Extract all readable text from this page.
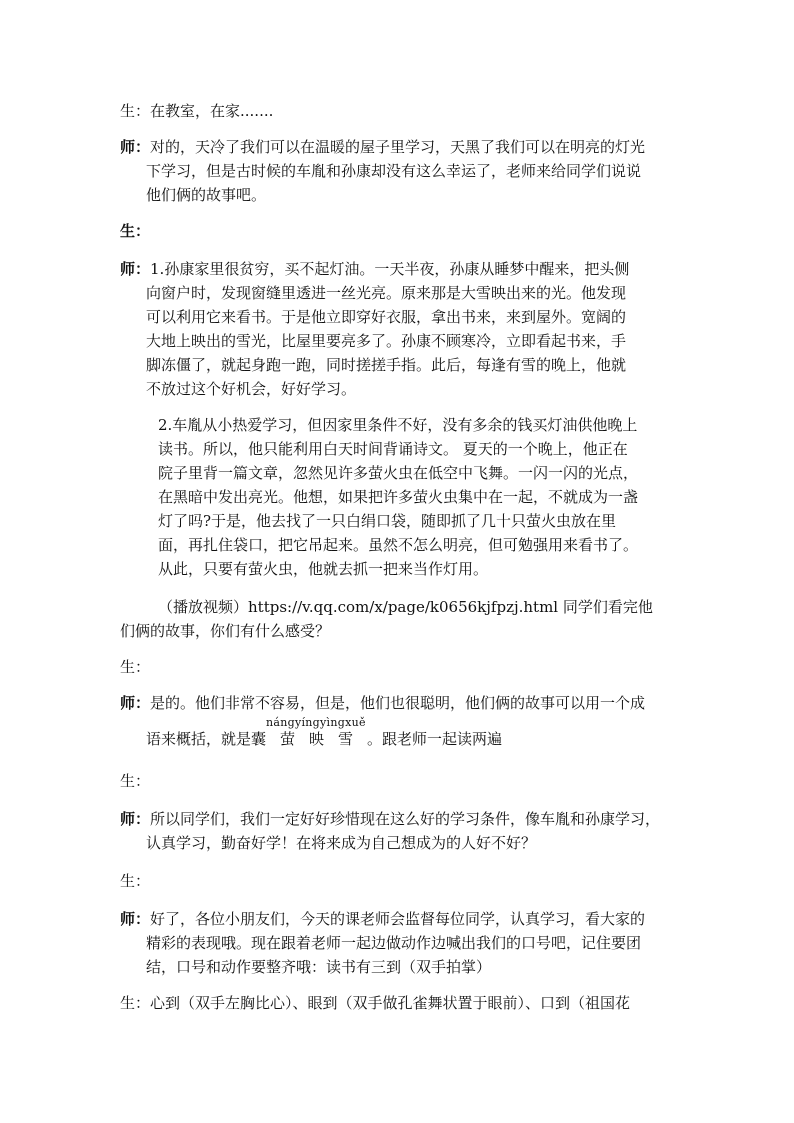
生：在教室，在家.......
师：对的，天冷了我们可以在温暖的屋子里学习，天黑了我们可以在明亮的灯光
下学习，但是古时候的车胤和孙康却没有这么幸运了，老师来给同学们说说
他们俩的故事吧。
生：
师：1.孙康家里很贫穷，买不起灯油。一天半夜，孙康从睡梦中醒来，把头侧
向窗户时，发现窗缝里透进一丝光亮。原来那是大雪映出来的光。他发现
可以利用它来看书。于是他立即穿好衣服，拿出书来，来到屋外。宽阔的
大地上映出的雪光，比屋里要亮多了。孙康不顾寒冷，立即看起书来，手
脚冻僵了，就起身跑一跑，同时搓搓手指。此后，每逢有雪的晚上，他就
不放过这个好机会，好好学习。
2.车胤从小热爱学习，但因家里条件不好，没有多余的钱买灯油供他晚上
读书。所以，他只能利用白天时间背诵诗文。 夏天的一个晚上，他正在
院子里背一篇文章，忽然见许多萤火虫在低空中飞舞。一闪一闪的光点，
在黑暗中发出亮光。他想，如果把许多萤火虫集中在一起，不就成为一盏
灯了吗?于是，他去找了一只白绢口袋，随即抓了几十只萤火虫放在里
面，再扎住袋口，把它吊起来。虽然不怎么明亮，但可勉强用来看书了。
从此，只要有萤火虫，他就去抓一把来当作灯用。
（播放视频）https://v.qq.com/x/page/k0656kjfpzj.html 同学们看完他
们俩的故事，你们有什么感受？
生：
师：是的。他们非常不容易，但是，他们也很聪明，他们俩的故事可以用一个成
nángyíngyìngxuě
语来概括，就是囊萤映雪。跟老师一起读两遍
生：
师：所以同学们，我们一定好好珍惜现在这么好的学习条件，像车胤和孙康学习，
认真学习，勤奋好学！在将来成为自己想成为的人好不好？
生：
师：好了，各位小朋友们，今天的课老师会监督每位同学，认真学习，看大家的
精彩的表现哦。现在跟着老师一起边做动作边喊出我们的口号吧，记住要团
结，口号和动作要整齐哦：读书有三到（双手拍掌）
生：心到（双手左胸比心）、眼到（双手做孔雀舞状置于眼前）、口到（祖国花
